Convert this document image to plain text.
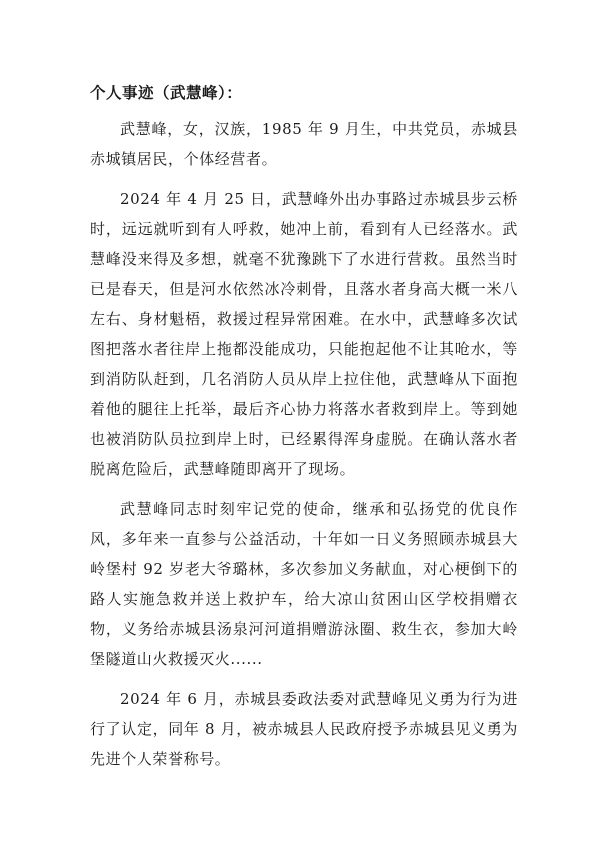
个人事迹（武慧峰）：

武慧峰，女，汉族，1985 年 9 月生，中共党员，赤城县赤城镇居民，个体经营者。

2024 年 4 月 25 日，武慧峰外出办事路过赤城县步云桥时，远远就听到有人呼救，她冲上前，看到有人已经落水。武慧峰没来得及多想，就毫不犹豫跳下了水进行营救。虽然当时已是春天，但是河水依然冰冷刺骨，且落水者身高大概一米八左右、身材魁梧，救援过程异常困难。在水中，武慧峰多次试图把落水者往岸上拖都没能成功，只能抱起他不让其呛水，等到消防队赶到，几名消防人员从岸上拉住他，武慧峰从下面抱着他的腿往上托举，最后齐心协力将落水者救到岸上。等到她也被消防队员拉到岸上时，已经累得浑身虚脱。在确认落水者脱离危险后，武慧峰随即离开了现场。

武慧峰同志时刻牢记党的使命，继承和弘扬党的优良作风，多年来一直参与公益活动，十年如一日义务照顾赤城县大岭堡村 92 岁老大爷璐林，多次参加义务献血，对心梗倒下的路人实施急救并送上救护车，给大凉山贫困山区学校捐赠衣物，义务给赤城县汤泉河河道捐赠游泳圈、救生衣，参加大岭堡隧道山火救援灭火......

2024 年 6 月，赤城县委政法委对武慧峰见义勇为行为进行了认定，同年 8 月，被赤城县人民政府授予赤城县见义勇为先进个人荣誉称号。
